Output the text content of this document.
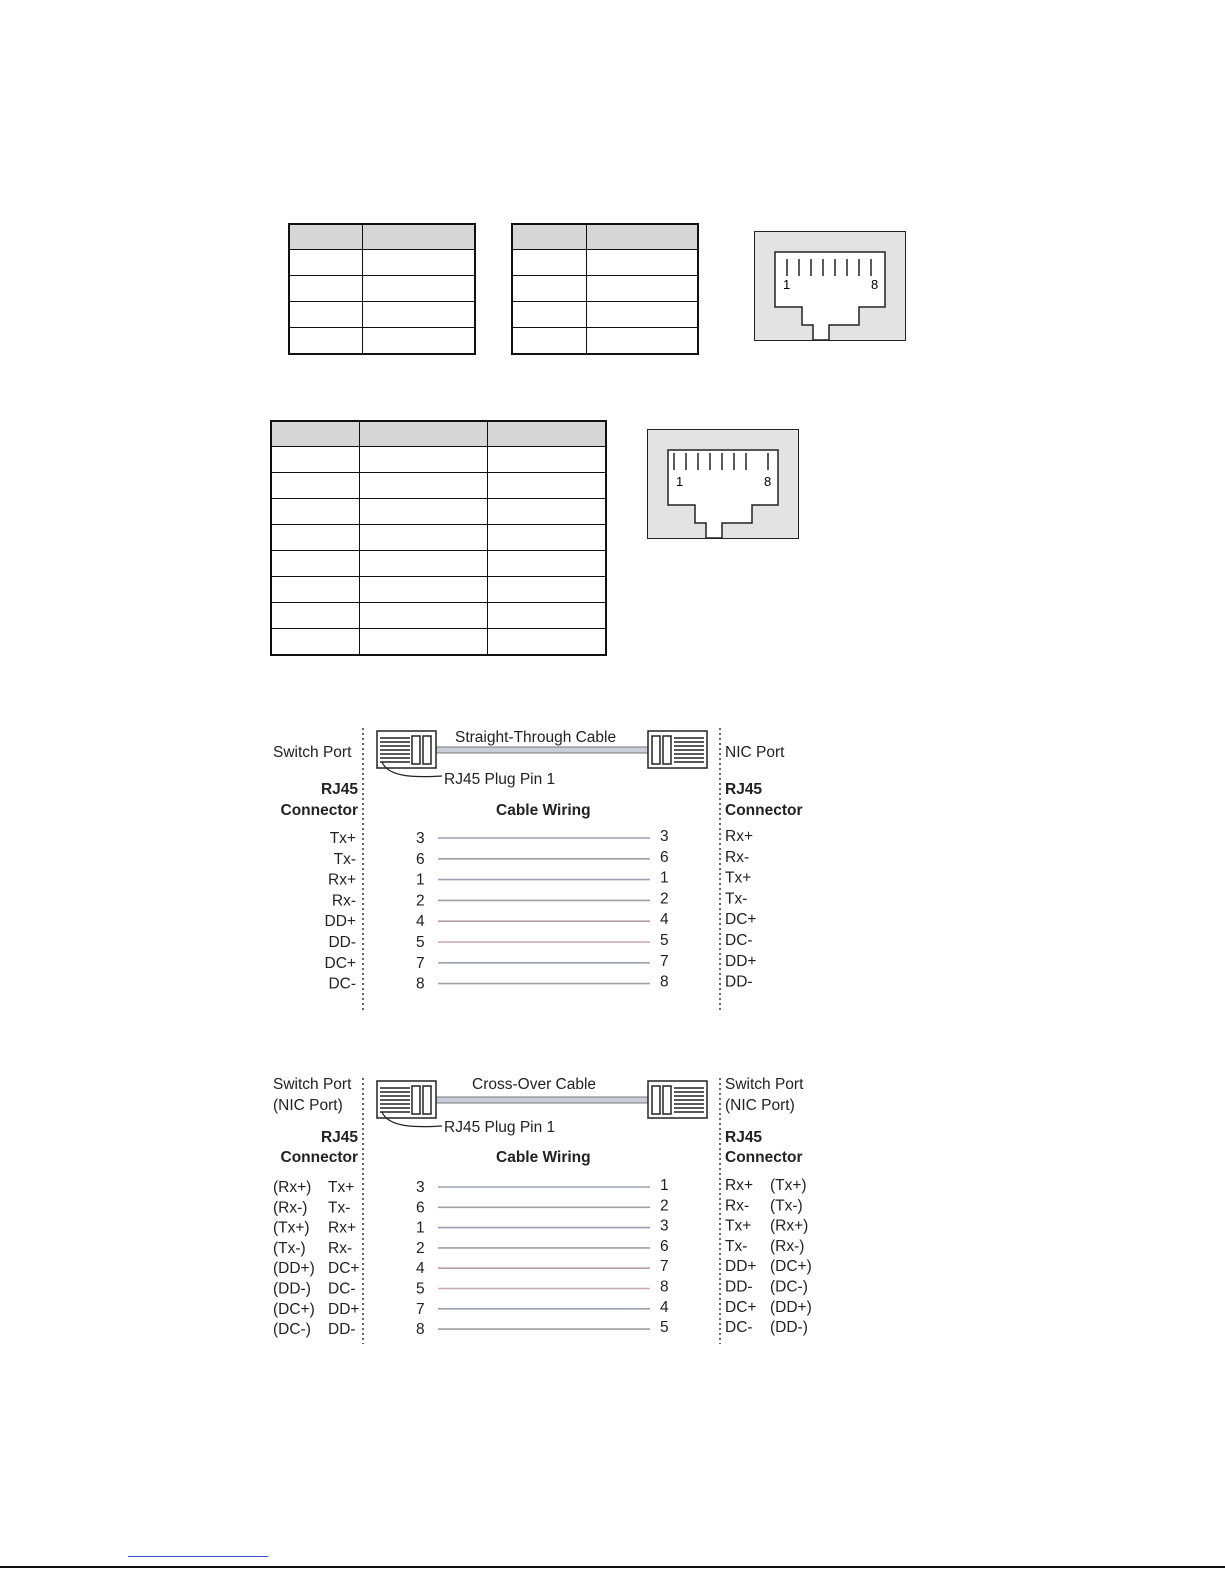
1	8
1	8
Straight-Through Cable
Switch Port	NIC Port
RJ45 Plug Pin 1
RJ45
Connector
RJ45
Connector
Cable Wiring
Tx+	3	3	Rx+
Tx-	6	6	Rx-
Rx+	1	1	Tx+
Rx-	2	2	Tx-
DD+	4	4	DC+
DD-	5	5	DC-
DC+	7	7	DD+
DC-	8	8	DD-
Cross-Over Cable
Switch Port
(NIC Port)
Switch Port
(NIC Port)
RJ45 Plug Pin 1
RJ45
Connector
RJ45
Connector
Cable Wiring
(Rx+) Tx+	3	1	Rx+ (Tx+)
(Rx-) Tx-	6	2	Rx- (Tx-)
(Tx+) Rx+	1	3	Tx+ (Rx+)
(Tx-) Rx-	2	6	Tx- (Rx-)
(DD+) DC+	4	7	DD+ (DC+)
(DD-) DC-	5	8	DD- (DC-)
(DC+) DD+	7	4	DC+ (DD+)
(DC-) DD-	8	5	DC- (DD-)
